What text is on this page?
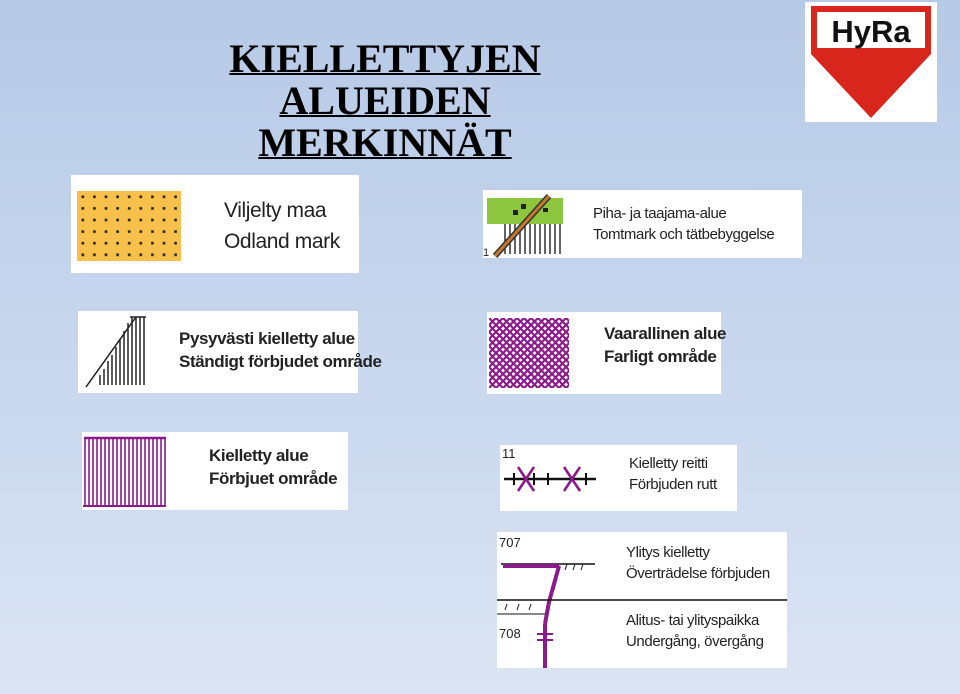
KIELLETTYJEN
ALUEIDEN MERKINNÄT
HyRa
Viljelty maa
Odland mark	1
Piha- ja taajama-alue
Tomtmark och tätbebyggelse
Pysyvästi kielletty alue
Ständigt förbjudet område
Vaarallinen alue
Farligt område
Kielletty alue
Förbjuet område
11
Kielletty reitti
Förbjuden rutt
707
708
Ylitys kielletty
Överträdelse förbjuden
Alitus- tai ylityspaikka
Undergång, övergång
